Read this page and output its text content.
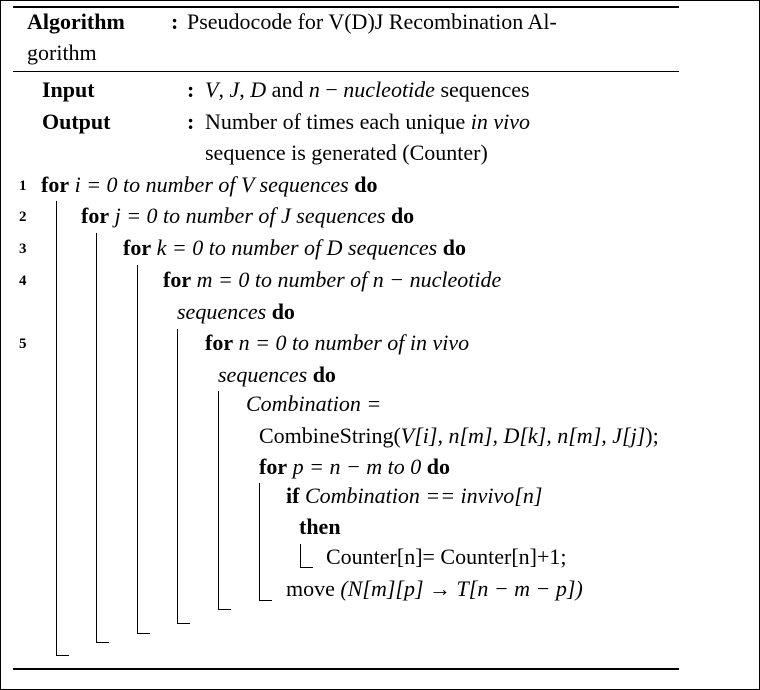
Algorithm : Pseudocode for V(D)J Recombination Al-
gorithm
Input	: V, J, D and n − nucleotide sequences
Output	: Number of times each unique in vivo
sequence is generated (Counter)
1 for i = 0 to number of V sequences do
2 for j = 0 to number of J sequences do
3	for k = 0 to number of D sequences do
4	for m = 0 to number of n − nucleotide
sequences do
5	for n = 0 to number of in vivo
sequences do
Combination =
CombineString(V[i], n[m], D[k], n[m], J[j]);
for p = n − m to 0 do
if Combination == invivo[n]
then
Counter[n]= Counter[n]+1;
move (N[m][p] → T[n − m − p])
